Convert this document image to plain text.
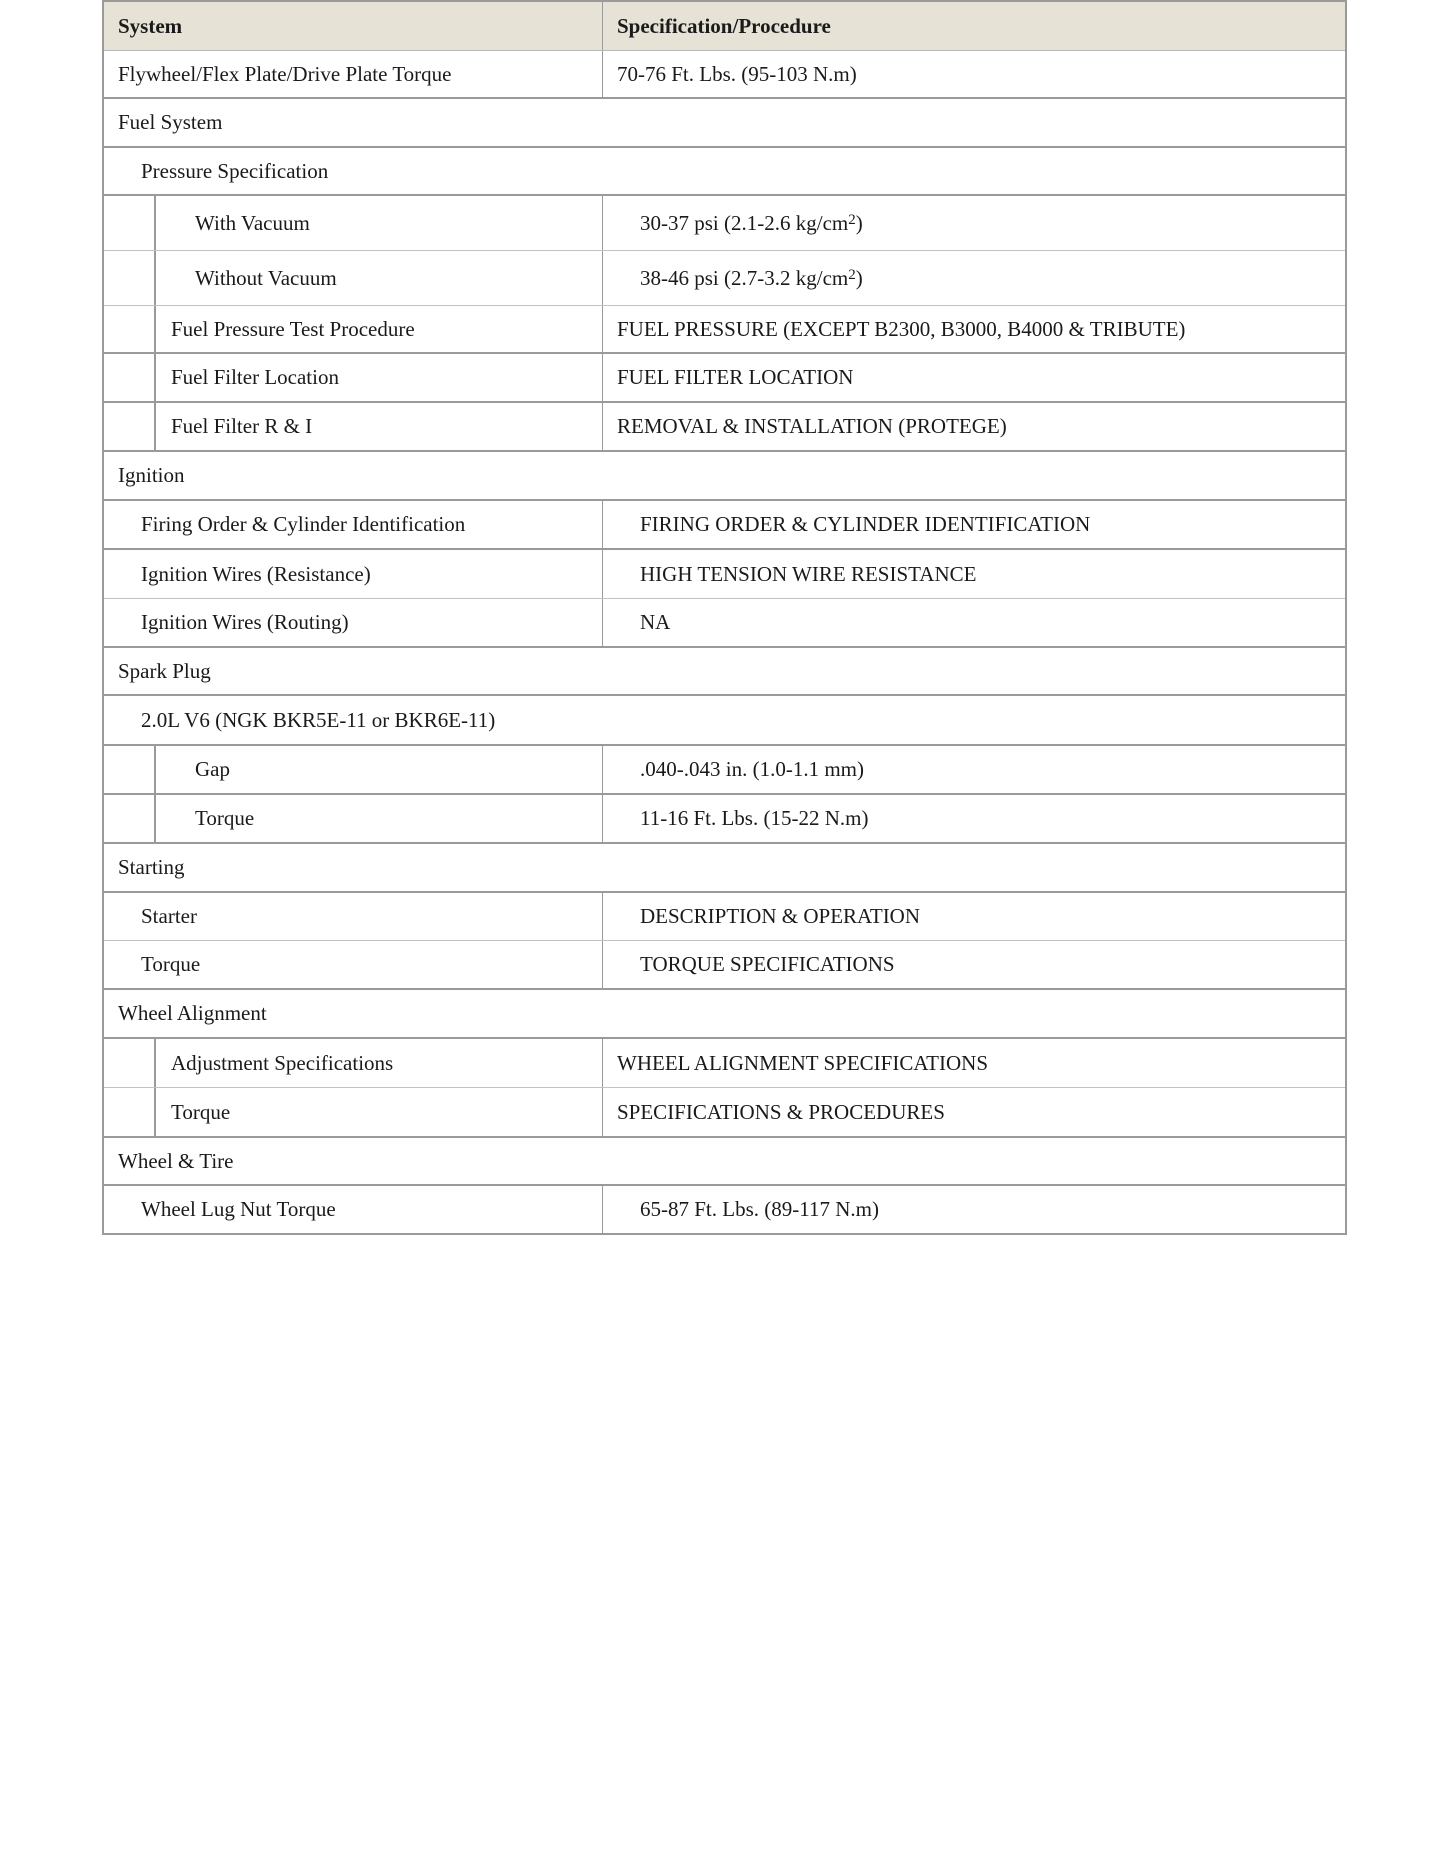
System	Specification/Procedure
Flywheel/Flex Plate/Drive Plate Torque	70-76 Ft. Lbs. (95-103 N.m)
Fuel System
Pressure Specification
With Vacuum	30-37 psi (2.1-2.6 $kg/cm^2$ )
Without Vacuum	38-46 psi (2.7-3.2 $kg/cm^2$ )
Fuel Pressure Test Procedure	FUEL PRESSURE (EXCEPT B2300, B3000, B4000 & TRIBUTE)
Fuel Filter Location	FUEL FILTER LOCATION
Fuel Filter R & I	REMOVAL & INSTALLATION (PROTEGE)
Ignition
Firing Order & Cylinder Identification	FIRING ORDER & CYLINDER IDENTIFICATION
Ignition Wires (Resistance)	HIGH TENSION WIRE RESISTANCE
Ignition Wires (Routing)	NA
Spark Plug
2.0L V6 (NGK BKR5E-11 or BKR6E-11)
Gap	.040-.043 in. (1.0-1.1 mm)
Torque	11-16 Ft. Lbs. (15-22 N.m)
Starting
Starter	DESCRIPTION & OPERATION
Torque	TORQUE SPECIFICATIONS
Wheel Alignment
Adjustment Specifications	WHEEL ALIGNMENT SPECIFICATIONS
Torque	SPECIFICATIONS & PROCEDURES
Wheel & Tire
Wheel Lug Nut Torque	65-87 Ft. Lbs. (89-117 N.m)
